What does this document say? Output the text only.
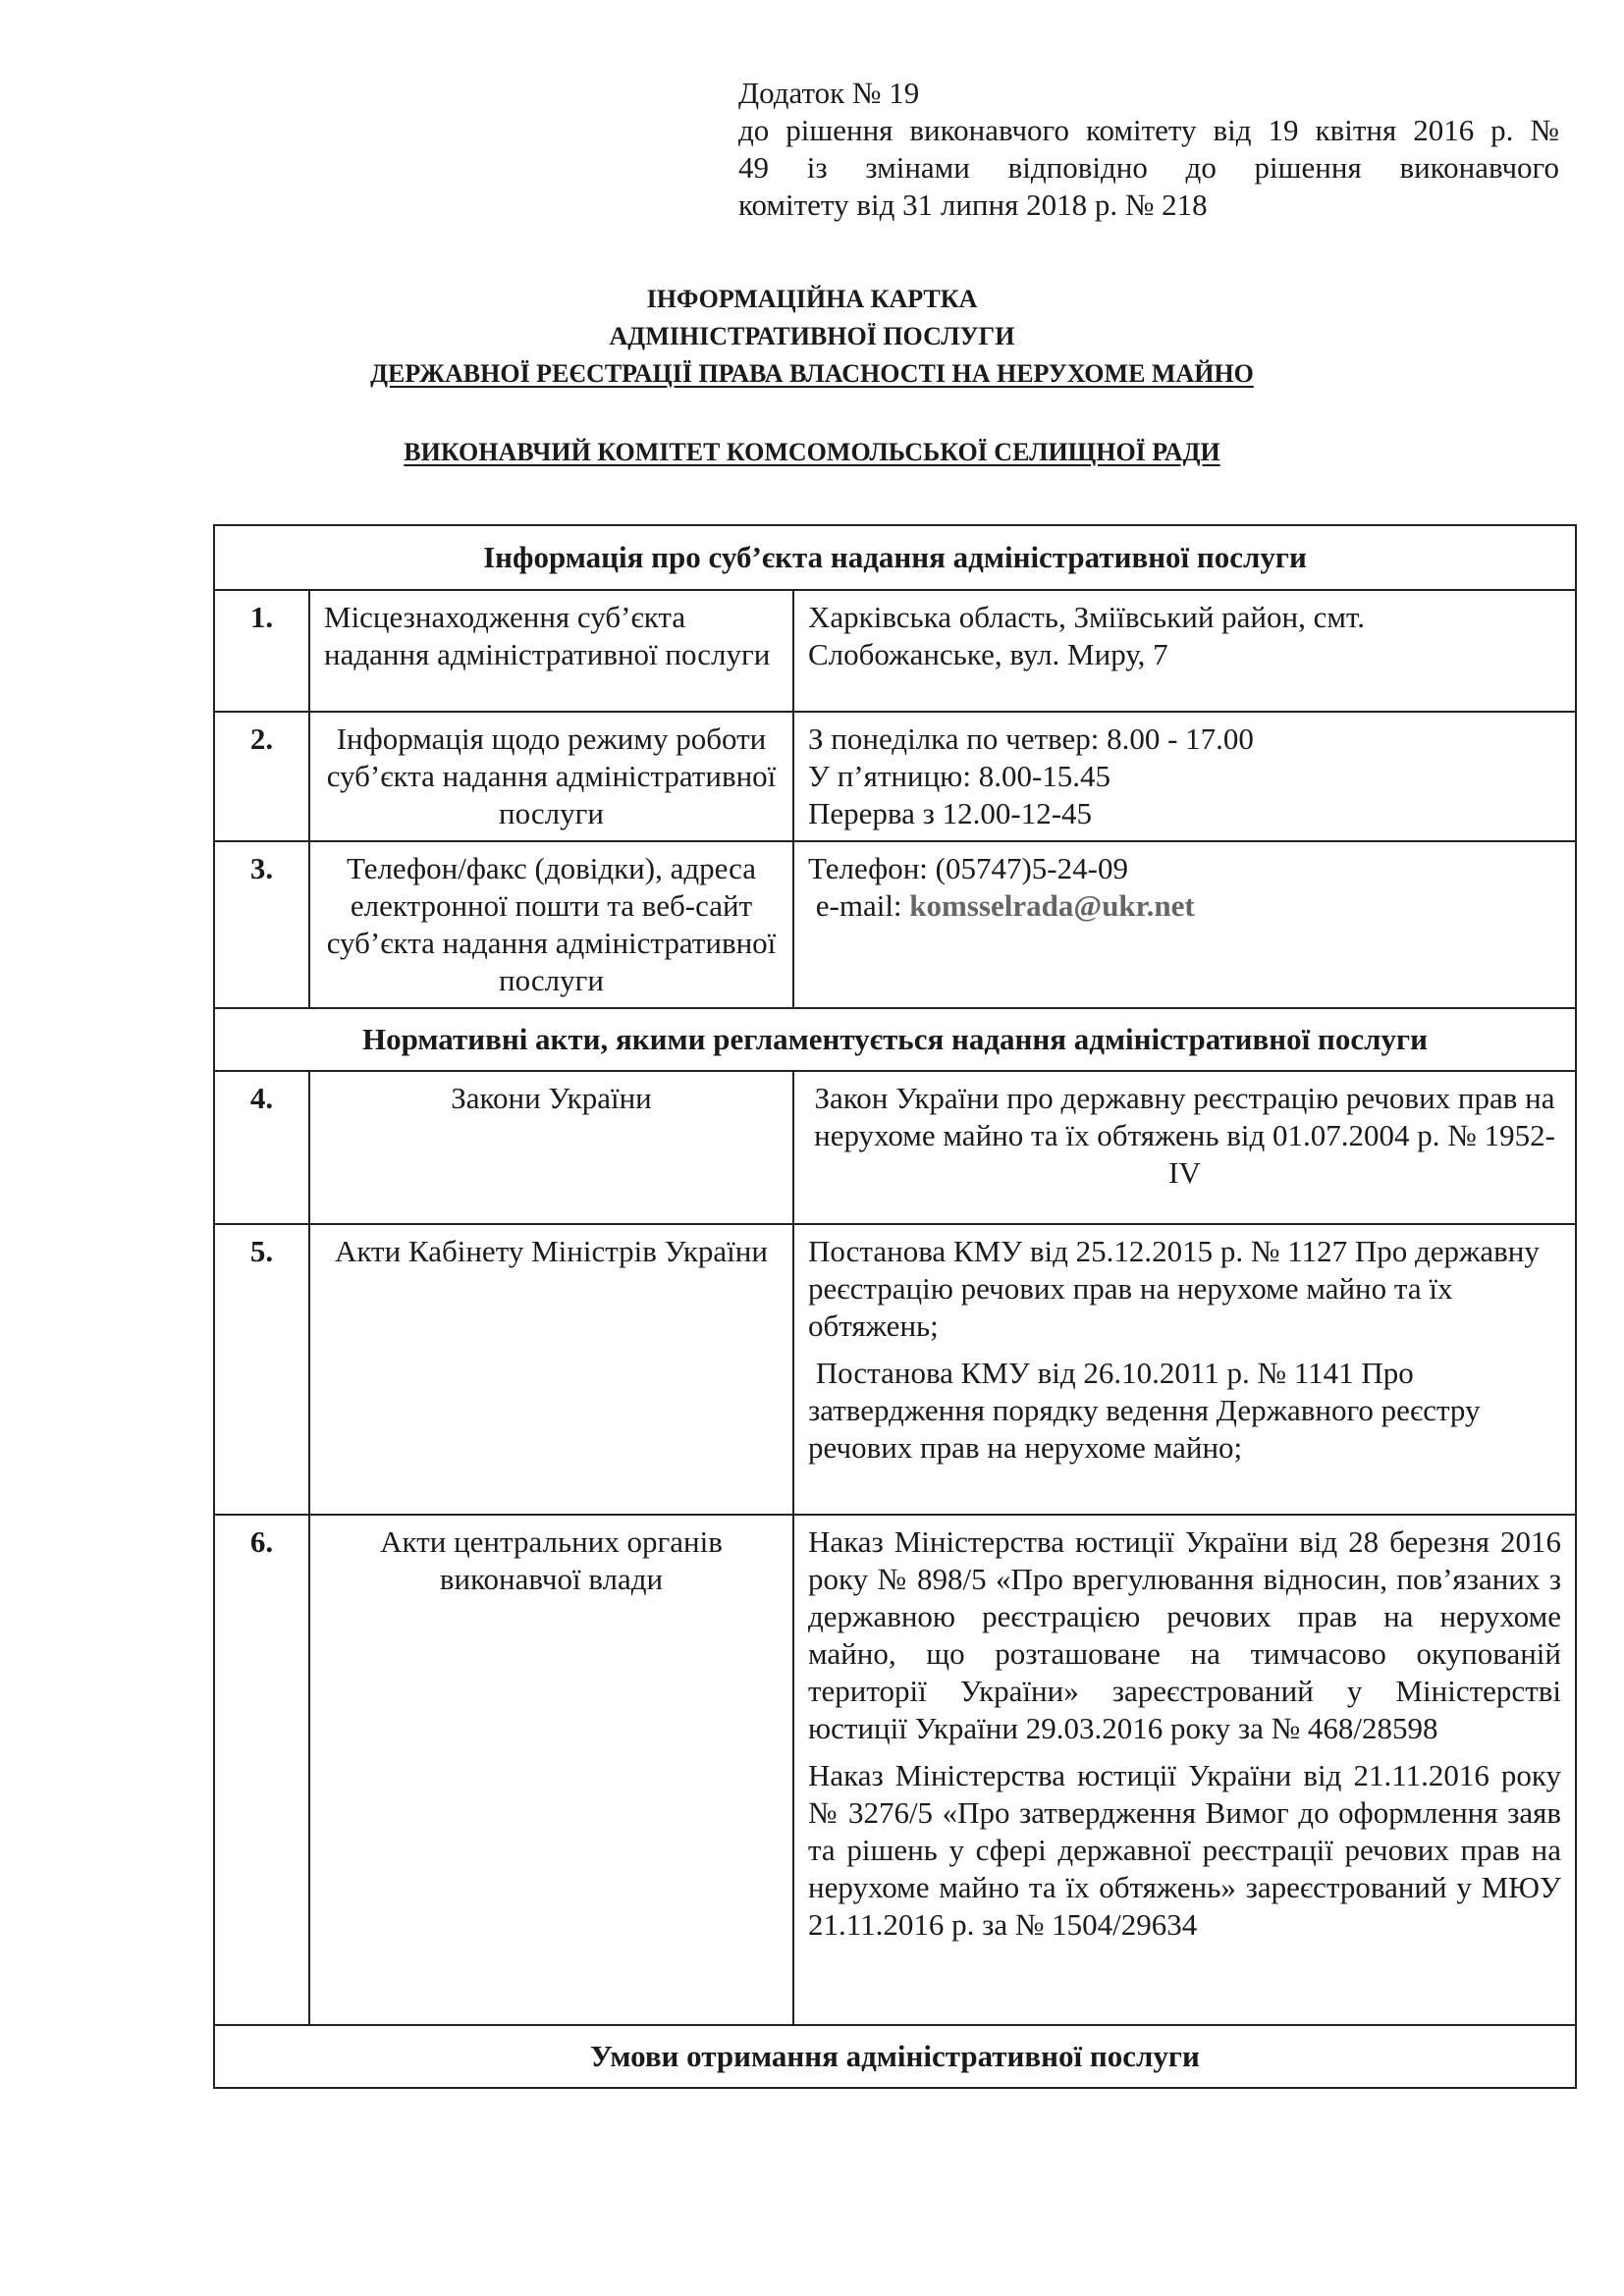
Додаток № 19

до рішення виконавчого комітету від 19 квітня 2016 р. №

49 із змінами відповідно до рішення виконавчого

комітету від 31 липня 2018 р. № 218

ІНФОРМАЦІЙНА КАРТКА
АДМІНІСТРАТИВНОЇ ПОСЛУГИ
ДЕРЖАВНОЇ РЕЄСТРАЦІЇ ПРАВА ВЛАСНОСТІ НА НЕРУХОМЕ МАЙНО
ВИКОНАВЧИЙ КОМІТЕТ КОМСОМОЛЬСЬКОЇ СЕЛИЩНОЇ РАДИ
Інформація про суб’єкта надання адміністративної послуги		
1.	Місцезнаходження суб’єкта надання адміністративної послуги	Харківська область, Зміївський район, смт. Слобожанське, вул. Миру, 7

2.	Інформація щодо режиму роботи суб’єкта надання адміністративної послуги	З понеділка по четвер: 8.00 - 17.00

У п’ятницю: 8.00-15.45

Перерва з 12.00-12-45

3.	Телефон/факс (довідки), адреса електронної пошти та веб-сайт суб’єкта надання адміністративної послуги	Телефон: (05747)5-24-09

e-mail: komsselrada@ukr.net

Нормативні акти, якими регламентується надання адміністративної послуги		
4.	Закони України	Закон України про державну реєстрацію речових прав на нерухоме майно та їх обтяжень від 01.07.2004 р. № 1952-IV

5.	Акти Кабінету Міністрів України	Постанова КМУ від 25.12.2015 р. № 1127 Про державну реєстрацію речових прав на нерухоме майно та їх обтяжень;

Постанова КМУ від 26.10.2011 р. № 1141 Про затвердження порядку ведення Державного реєстру речових прав на нерухоме майно;

6.	Акти центральних органів виконавчої влади	Наказ Міністерства юстиції України від 28 березня 2016 року № 898/5 «Про врегулювання відносин, пов’язаних з державною реєстрацією речових прав на нерухоме майно, що розташоване на тимчасово окупованій території України» зареєстрований у Міністерстві юстиції України 29.03.2016 року за № 468/28598

Наказ Міністерства юстиції України від 21.11.2016 року № 3276/5 «Про затвердження Вимог до оформлення заяв та рішень у сфері державної реєстрації речових прав на нерухоме майно та їх обтяжень» зареєстрований у МЮУ 21.11.2016 р. за № 1504/29634

Умови отримання адміністративної послуги		
